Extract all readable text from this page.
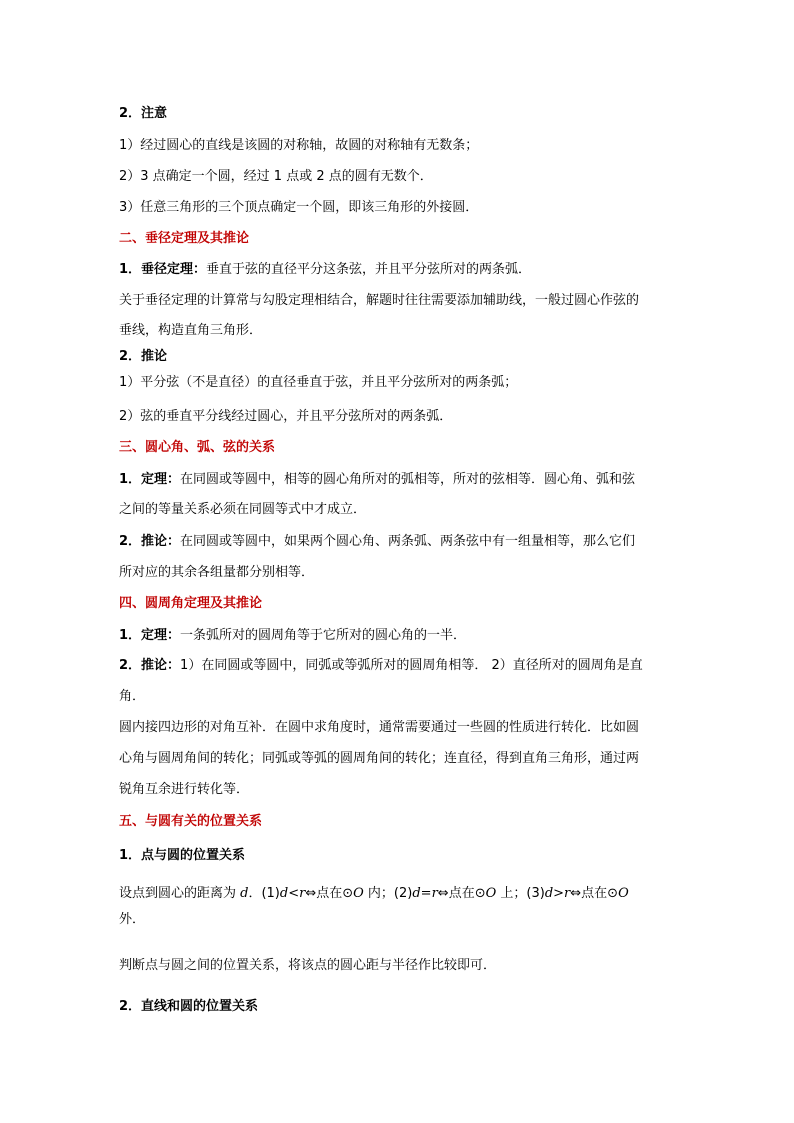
2．注意
1）经过圆心的直线是该圆的对称轴，故圆的对称轴有无数条；
2）3 点确定一个圆，经过 1 点或 2 点的圆有无数个．
3）任意三角形的三个顶点确定一个圆，即该三角形的外接圆．
二、垂径定理及其推论
1．垂径定理：垂直于弦的直径平分这条弦，并且平分弦所对的两条弧．
关于垂径定理的计算常与勾股定理相结合，解题时往往需要添加辅助线，一般过圆心作弦的
垂线，构造直角三角形．
2．推论
1）平分弦（不是直径）的直径垂直于弦，并且平分弦所对的两条弧；
2）弦的垂直平分线经过圆心，并且平分弦所对的两条弧．
三、圆心角、弧、弦的关系
1．定理：在同圆或等圆中，相等的圆心角所对的弧相等，所对的弦相等．圆心角、弧和弦
之间的等量关系必须在同圆等式中才成立．
2．推论：在同圆或等圆中，如果两个圆心角、两条弧、两条弦中有一组量相等，那么它们
所对应的其余各组量都分别相等．
四、圆周角定理及其推论
1．定理：一条弧所对的圆周角等于它所对的圆心角的一半．
2．推论：1）在同圆或等圆中，同弧或等弧所对的圆周角相等． 2）直径所对的圆周角是直
角．
圆内接四边形的对角互补．在圆中求角度时，通常需要通过一些圆的性质进行转化．比如圆
心角与圆周角间的转化；同弧或等弧的圆周角间的转化；连直径，得到直角三角形，通过两
锐角互余进行转化等．
五、与圆有关的位置关系
1．点与圆的位置关系
设点到圆心的距离为 d．(1)d<r⇔点在⊙O 内；(2)d=r⇔点在⊙O 上；(3)d>r⇔点在⊙O
外．
判断点与圆之间的位置关系，将该点的圆心距与半径作比较即可．
2．直线和圆的位置关系
